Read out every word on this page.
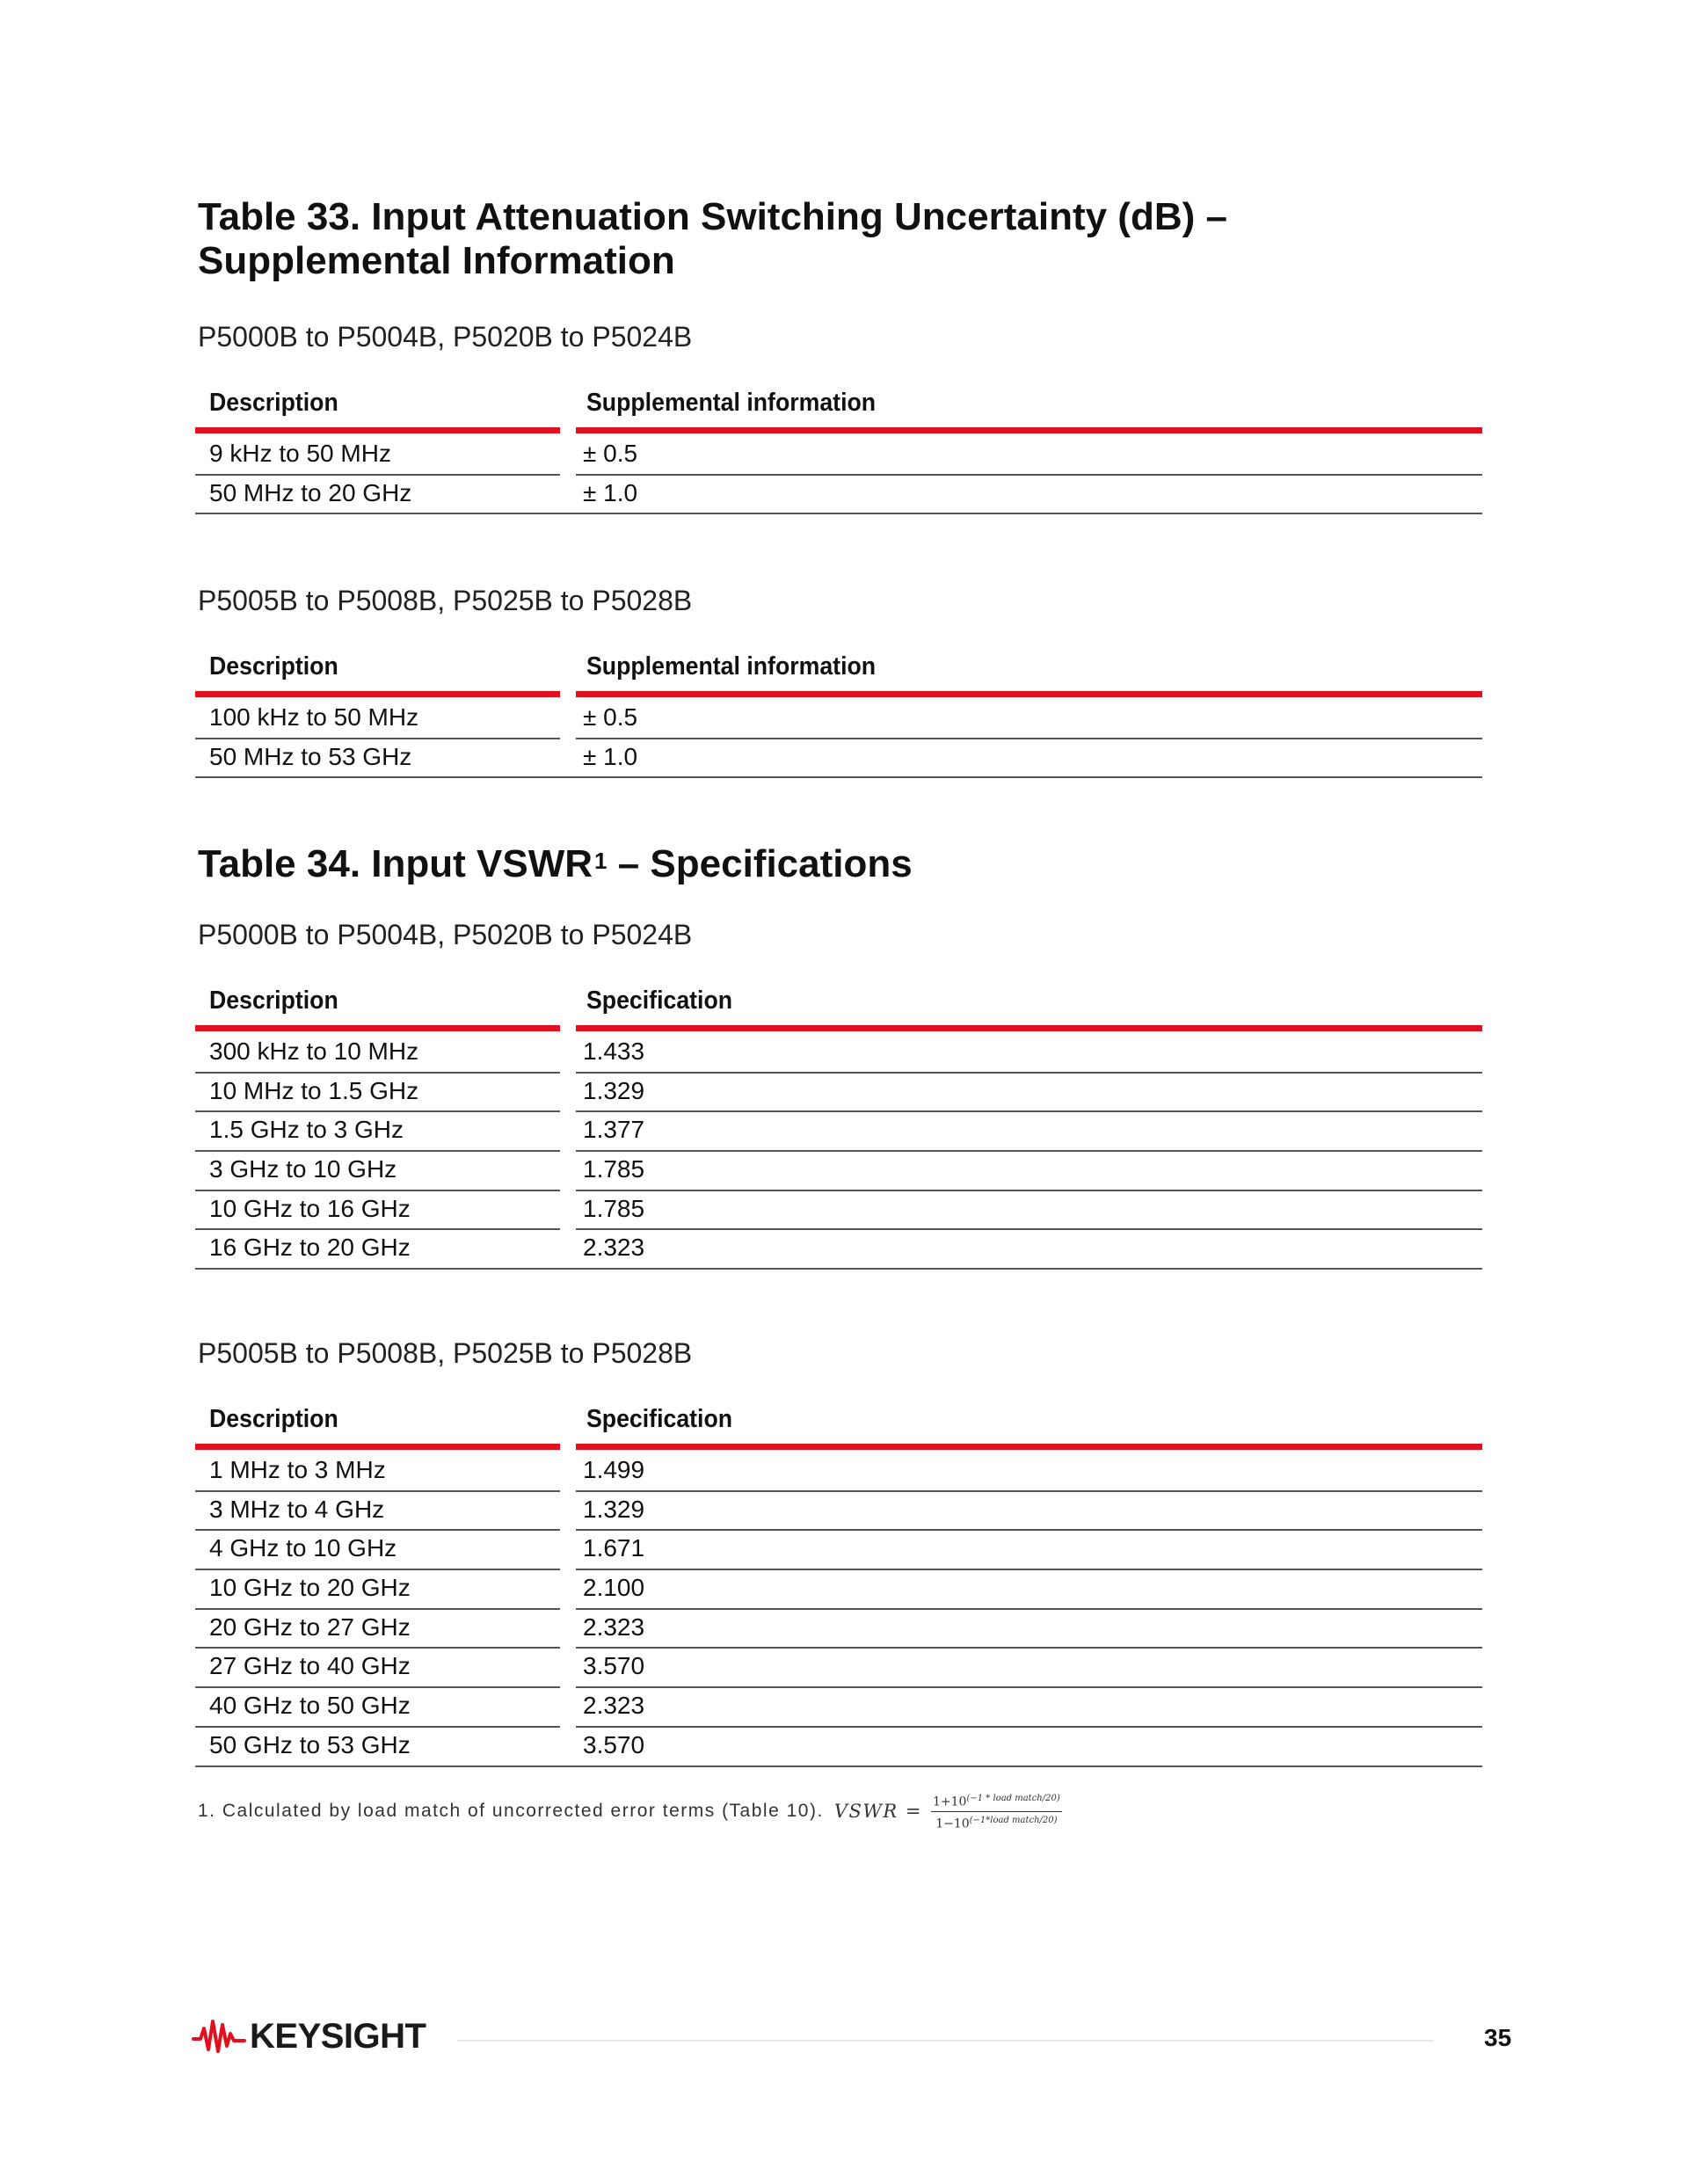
Table 33. Input Attenuation Switching Uncertainty (dB) –
Supplemental Information
P5000B to P5004B, P5020B to P5024B
Description	Supplemental information
9 kHz to 50 MHz	± 0.5
50 MHz to 20 GHz	± 1.0
P5005B to P5008B, P5025B to P5028B
Description	Supplemental information
100 kHz to 50 MHz	± 0.5
50 MHz to 53 GHz	± 1.0
Table 34. Input VSWR$^1$ – Specifications
P5000B to P5004B, P5020B to P5024B
Description	Specification
300 kHz to 10 MHz	1.433
10 MHz to 1.5 GHz	1.329
1.5 GHz to 3 GHz	1.377
3 GHz to 10 GHz	1.785
10 GHz to 16 GHz	1.785
16 GHz to 20 GHz	2.323
P5005B to P5008B, P5025B to P5028B
Description	Specification
1 MHz to 3 MHz	1.499
3 MHz to 4 GHz	1.329
4 GHz to 10 GHz	1.671
10 GHz to 20 GHz	2.100
20 GHz to 27 GHz	2.323
27 GHz to 40 GHz	3.570
40 GHz to 50 GHz	2.323
50 GHz to 53 GHz	3.570
1. Calculated by load match of uncorrected error terms (Table 10). VSWR = $\frac{1+10^{(-1 * load match/20)}}{1-10^{(-1*load match/20)}}$
KEYSIGHT	35
